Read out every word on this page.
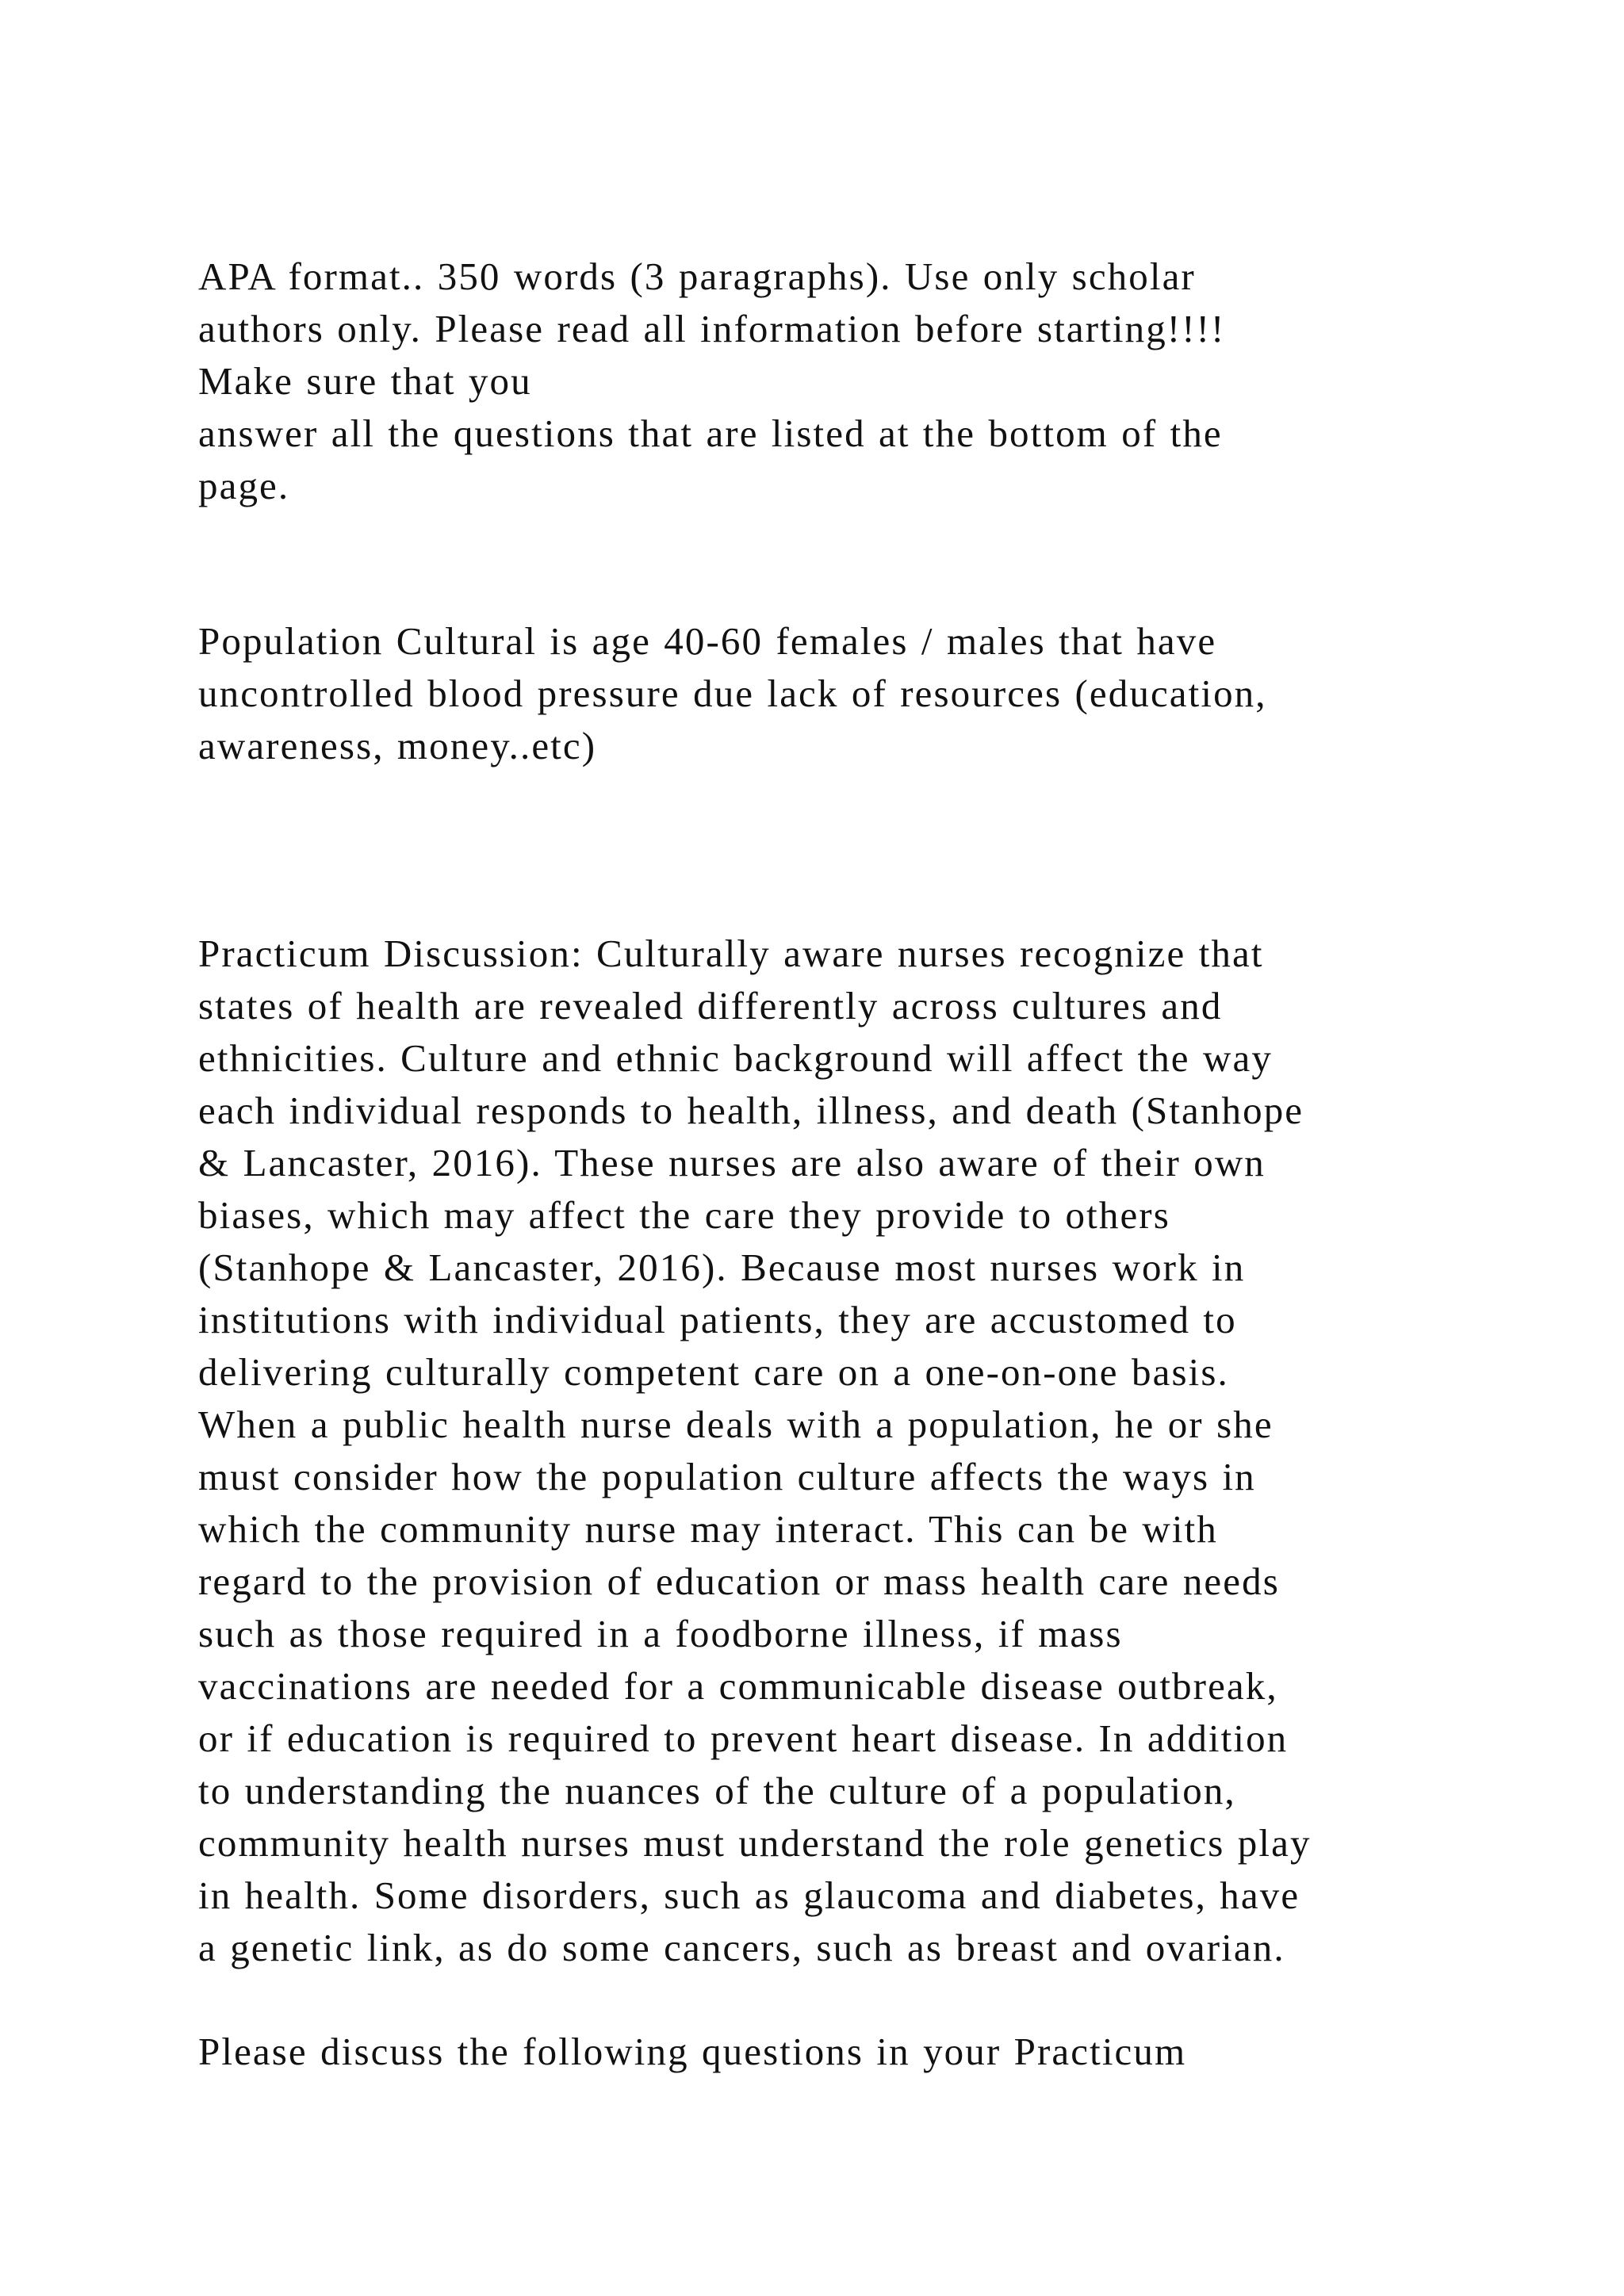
APA format.. 350 words (3 paragraphs). Use only scholar
authors only. Please read all information before starting!!!!
Make sure that you
answer all the questions that are listed at the bottom of the
page.

Population Cultural is age 40-60 females / males that have
uncontrolled blood pressure due lack of resources (education,
awareness, money..etc)

Practicum Discussion: Culturally aware nurses recognize that
states of health are revealed differently across cultures and
ethnicities. Culture and ethnic background will affect the way
each individual responds to health, illness, and death (Stanhope
& Lancaster, 2016). These nurses are also aware of their own
biases, which may affect the care they provide to others
(Stanhope & Lancaster, 2016). Because most nurses work in
institutions with individual patients, they are accustomed to
delivering culturally competent care on a one-on-one basis.
When a public health nurse deals with a population, he or she
must consider how the population culture affects the ways in
which the community nurse may interact. This can be with
regard to the provision of education or mass health care needs
such as those required in a foodborne illness, if mass
vaccinations are needed for a communicable disease outbreak,
or if education is required to prevent heart disease. In addition
to understanding the nuances of the culture of a population,
community health nurses must understand the role genetics play
in health. Some disorders, such as glaucoma and diabetes, have
a genetic link, as do some cancers, such as breast and ovarian.

Please discuss the following questions in your Practicum
